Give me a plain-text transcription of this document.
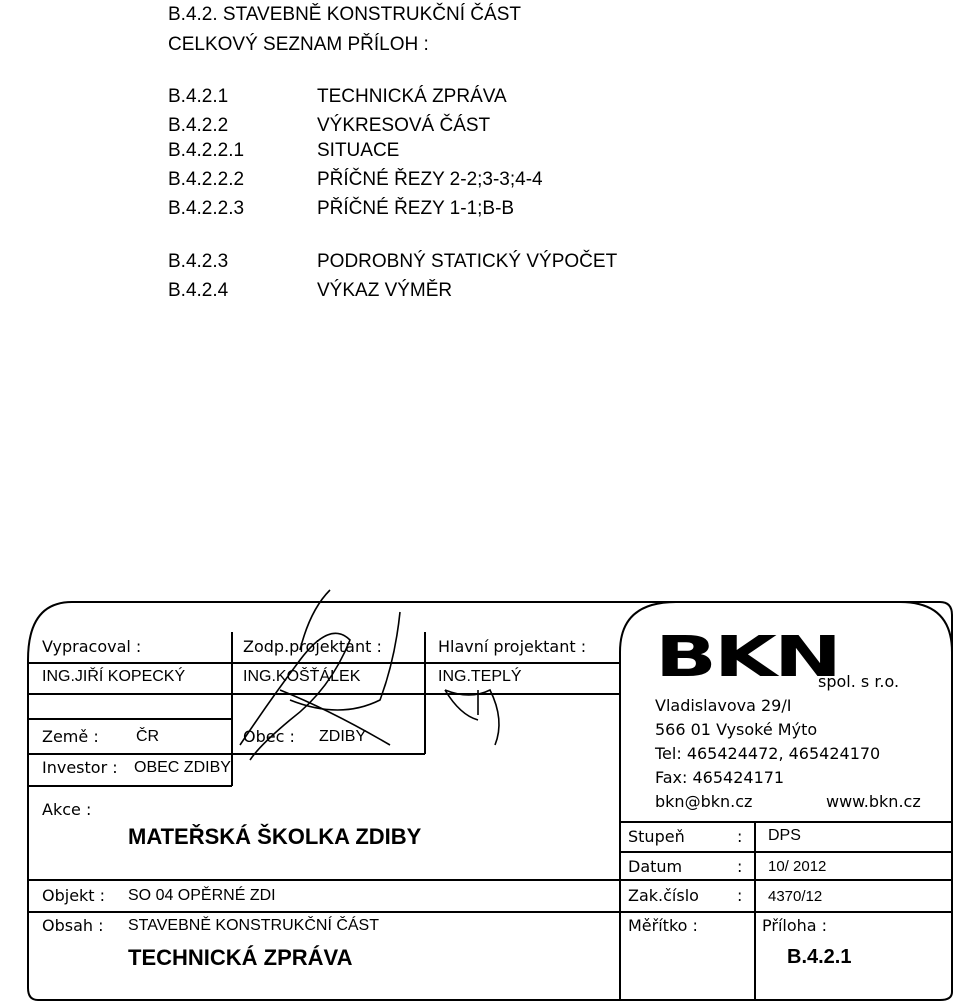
B.4.2. STAVEBNĚ KONSTRUKČNÍ ČÁST
CELKOVÝ SEZNAM PŘÍLOH :
B.4.2.1	TECHNICKÁ ZPRÁVA
B.4.2.2	VÝKRESOVÁ ČÁST
B.4.2.2.1	SITUACE
B.4.2.2.2	PŘÍČNÉ ŘEZY 2-2;3-3;4-4
B.4.2.2.3	PŘÍČNÉ ŘEZY 1-1;B-B
B.4.2.3	PODROBNÝ STATICKÝ VÝPOČET
B.4.2.4	VÝKAZ VÝMĚR
Vypracoval :	Zodp.projektant :	Hlavní projektant :
ING.JIŘÍ KOPECKÝ	ING.KOŠŤÁLEK	ING.TEPLÝ
Země : ČR	Obec : ZDIBY
Investor : OBEC ZDIBY
Akce :
MATEŘSKÁ ŠKOLKA ZDIBY
Objekt : SO 04 OPĚRNÉ ZDI
Obsah : STAVEBNĚ KONSTRUKČNÍ ČÁST
TECHNICKÁ ZPRÁVA
Stupeň	: DPS
Datum	: 10/ 2012
Zak.číslo : 4370/12
Měřítko :	Příloha :
B.4.2.1
BKN
spol. s r.o.
Vladislavova 29/I
566 01 Vysoké Mýto
Tel: 465424472, 465424170
Fax: 465424171
bkn@bkn.cz	www.bkn.cz
